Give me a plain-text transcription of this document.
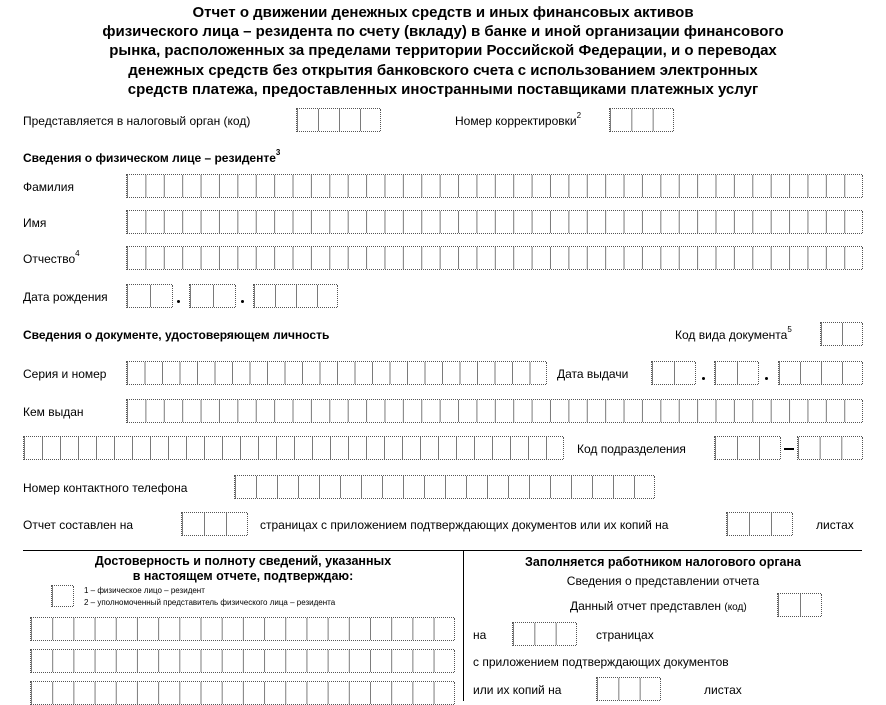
Отчет о движении денежных средств и иных финансовых активов
физического лица – резидента по счету (вкладу) в банке и иной организации финансового
рынка, расположенных за пределами территории Российской Федерации, и о переводах
денежных средств без открытия банковского счета с использованием электронных
средств платежа, предоставленных иностранными поставщиками платежных услуг
Представляется в налоговый орган (код)	Номер корректировки$^2$
Сведения о физическом лице – резиденте$^3$
Фамилия
Имя
Отчество$^4$
Дата рождения
Сведения о документе, удостоверяющем личность	Код вида документа$^5$
Серия и номер	Дата выдачи
Кем выдан
Код подразделения
Номер контактного телефона
Отчет составлен на	страницах с приложением подтверждающих документов или их копий на	листах
Достоверность и полноту сведений, указанных
в настоящем отчете, подтверждаю:
1 – физическое лицо – резидент
2 – уполномоченный представитель физического лица – резидента
Заполняется работником налогового органа
Сведения о представлении отчета
Данный отчет представлен (код)
на	страницах
с приложением подтверждающих документов
или их копий на	листах
